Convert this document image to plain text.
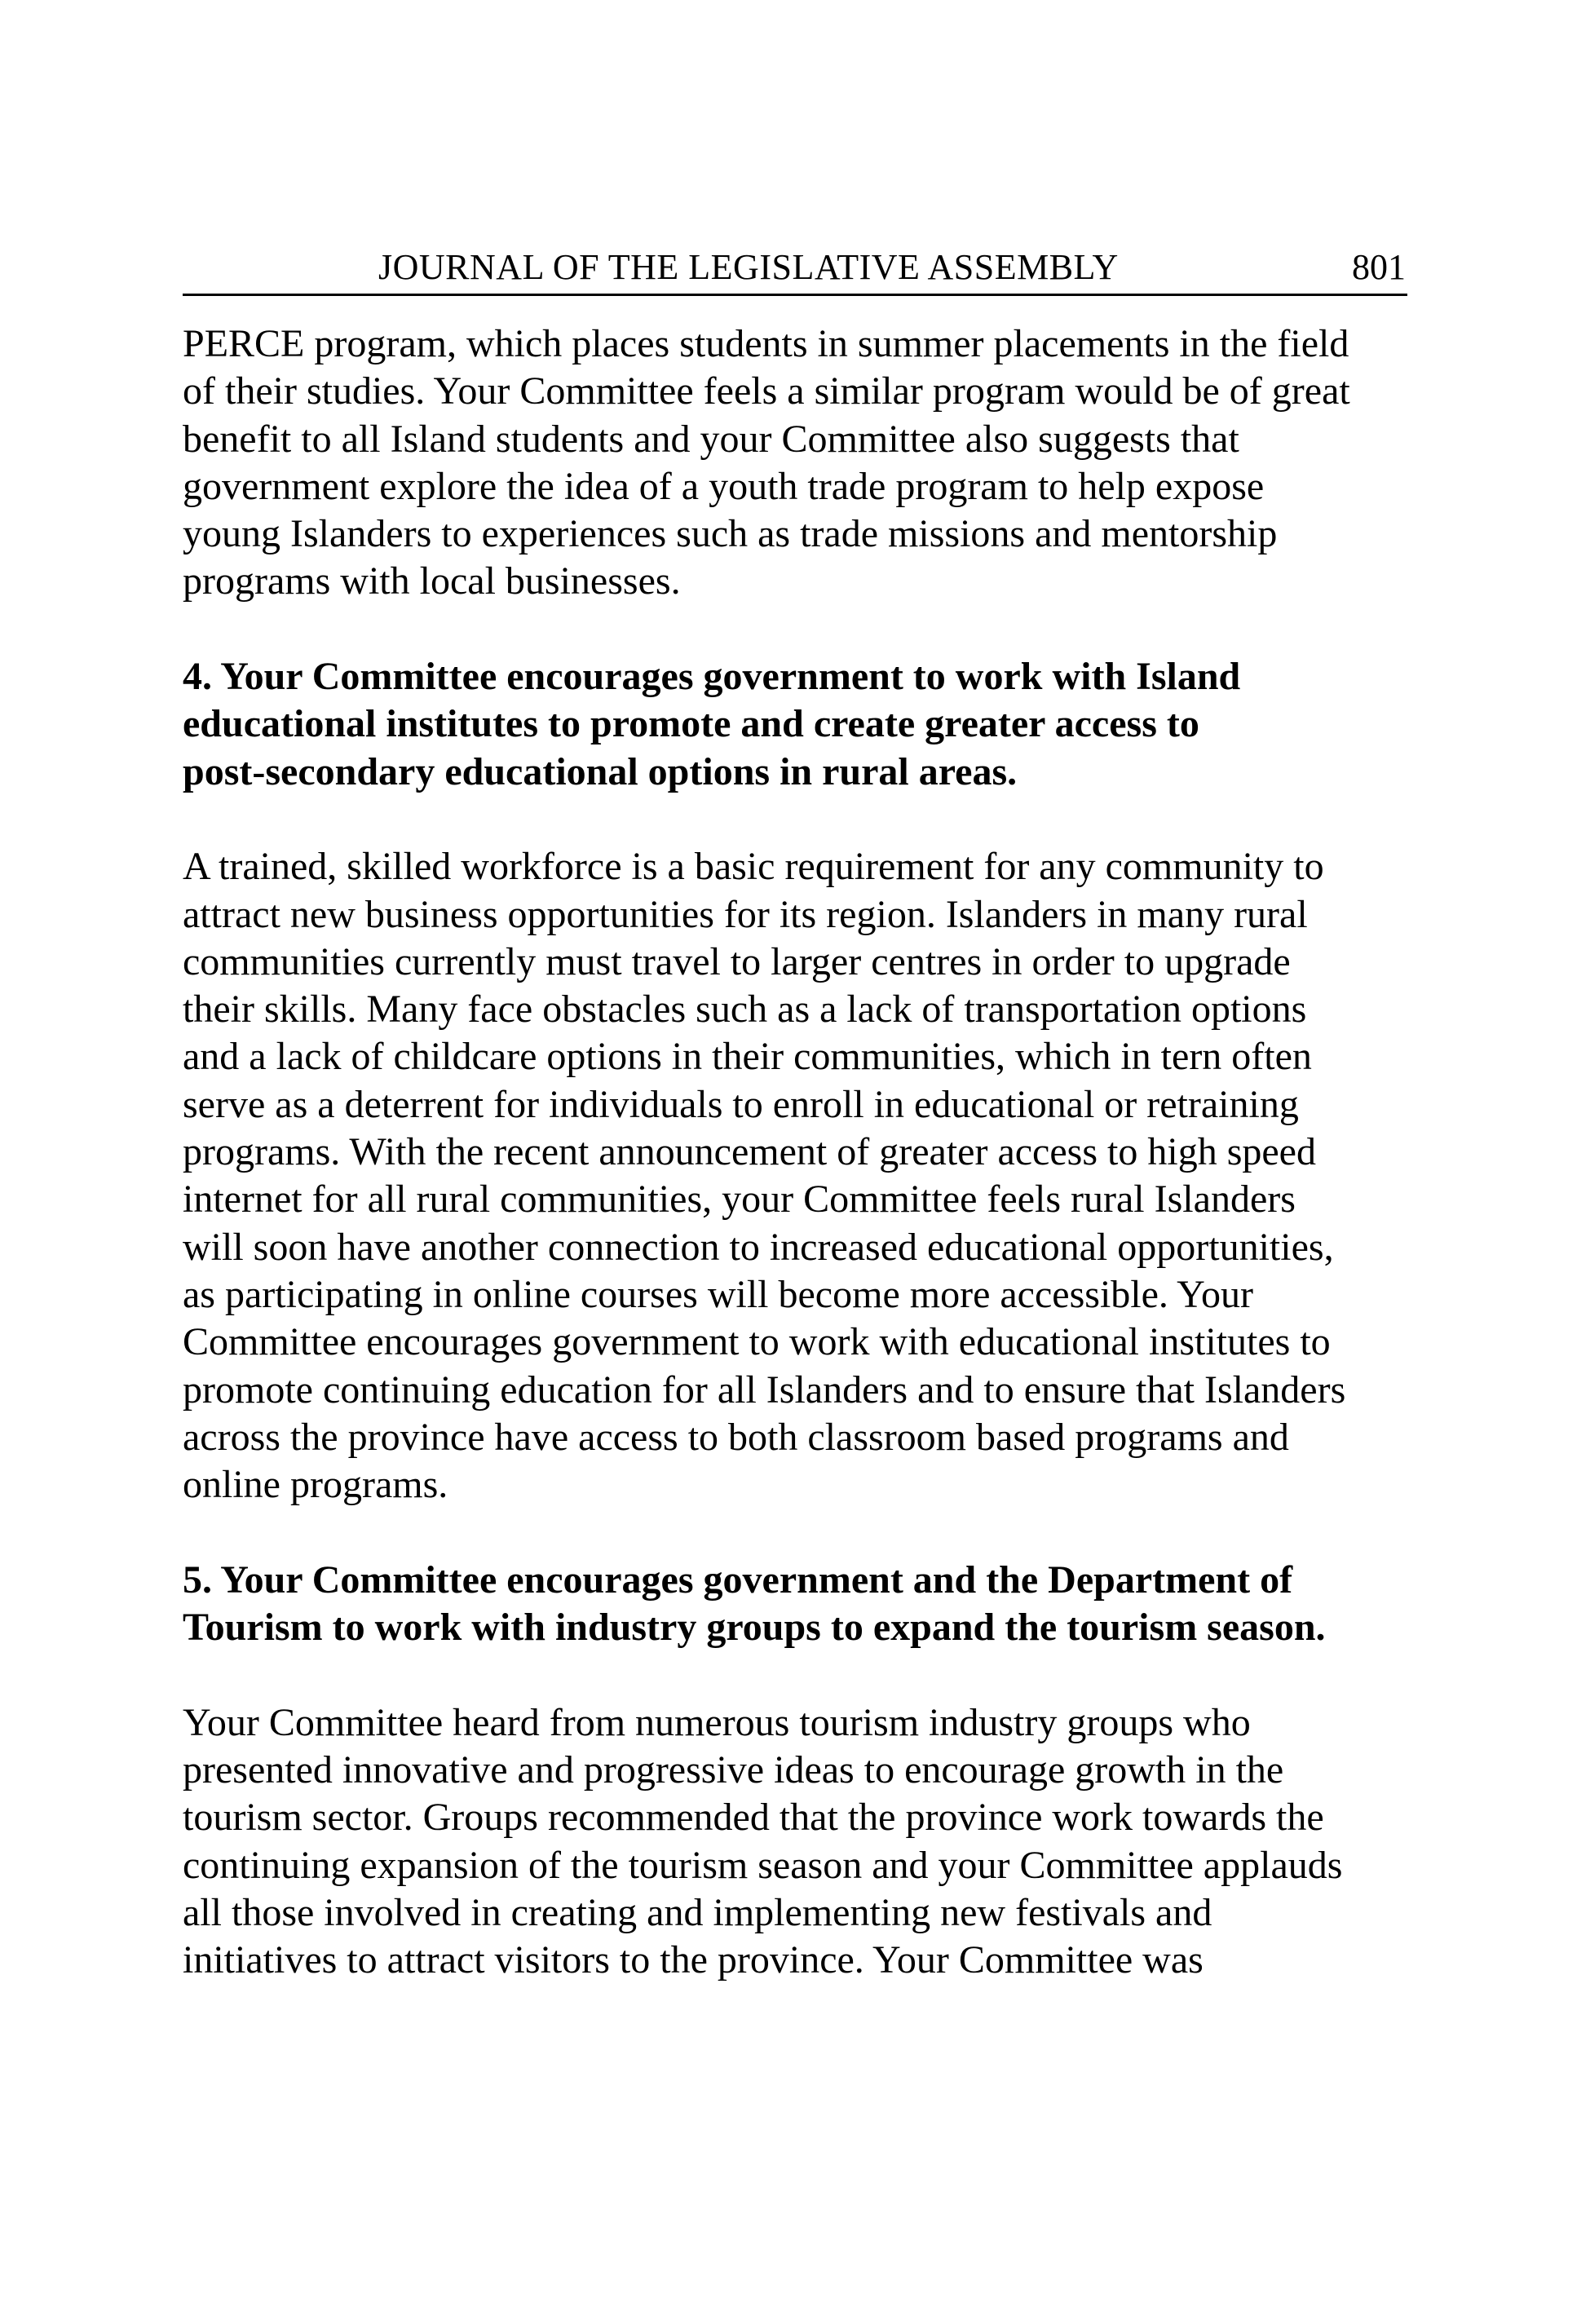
JOURNAL OF THE LEGISLATIVE ASSEMBLY	801
PERCE program, which places students in summer placements in the field
of their studies. Your Committee feels a similar program would be of great
benefit to all Island students and your Committee also suggests that
government explore the idea of a youth trade program to help expose
young Islanders to experiences such as trade missions and mentorship
programs with local businesses.
4. Your Committee encourages government to work with Island
educational institutes to promote and create greater access to
post-secondary educational options in rural areas.
A trained, skilled workforce is a basic requirement for any community to
attract new business opportunities for its region. Islanders in many rural
communities currently must travel to larger centres in order to upgrade
their skills. Many face obstacles such as a lack of transportation options
and a lack of childcare options in their communities, which in tern often
serve as a deterrent for individuals to enroll in educational or retraining
programs. With the recent announcement of greater access to high speed
internet for all rural communities, your Committee feels rural Islanders
will soon have another connection to increased educational opportunities,
as participating in online courses will become more accessible. Your
Committee encourages government to work with educational institutes to
promote continuing education for all Islanders and to ensure that Islanders
across the province have access to both classroom based programs and
online programs.
5. Your Committee encourages government and the Department of
Tourism to work with industry groups to expand the tourism season.
Your Committee heard from numerous tourism industry groups who
presented innovative and progressive ideas to encourage growth in the
tourism sector. Groups recommended that the province work towards the
continuing expansion of the tourism season and your Committee applauds
all those involved in creating and implementing new festivals and
initiatives to attract visitors to the province. Your Committee was
